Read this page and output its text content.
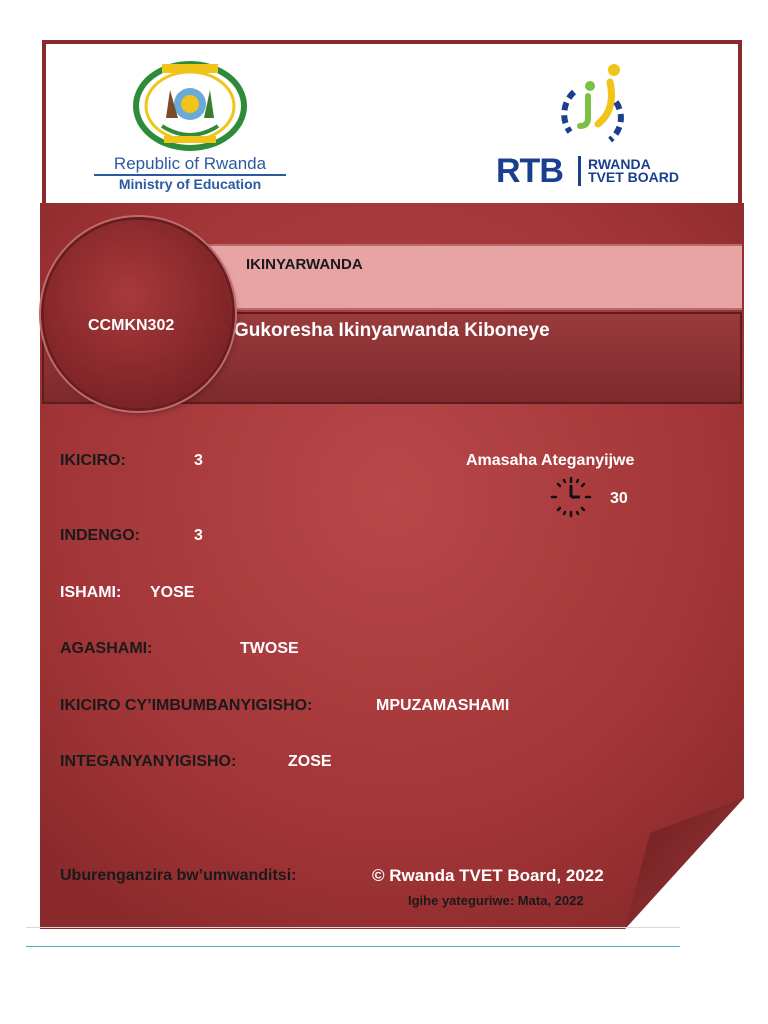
Republic of Rwanda
Ministry of Education	RTB RWANDA
TVET BOARD
IKINYARWANDA
Gukoresha Ikinyarwanda Kiboneye
CCMKN302
IKICIRO:	3	Amasaha Ateganyijwe
30
INDENGO:	3
ISHAMI: YOSE
AGASHAMI:	TWOSE
IKICIRO CY’IMBUMBANYIGISHO:	MPUZAMASHAMI
INTEGANYANYIGISHO:	ZOSE
Uburenganzira bw’umwanditsi:	© Rwanda TVET Board, 2022
Igihe yateguriwe: Mata, 2022
